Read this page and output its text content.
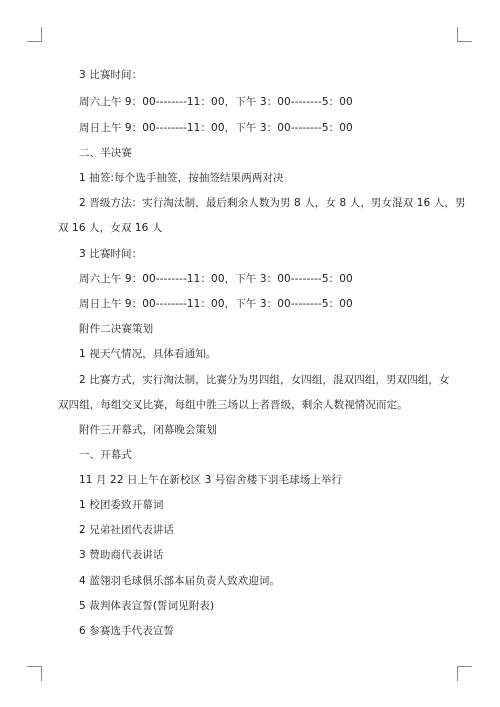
3 比赛时间：

周六上午 9：00--------11：00，下午 3：00--------5：00

周日上午 9：00--------11：00，下午 3：00--------5：00

二、半决赛

1 抽签:每个选手抽签，按抽签结果两两对决

2 晋级方法：实行淘汰制，最后剩余人数为男 8 人，女 8 人，男女混双 16 人，男

双 16 人，女双 16 人

3 比赛时间：

周六上午 9：00--------11：00，下午 3：00--------5：00

周日上午 9：00--------11：00，下午 3：00--------5：00

附件二决赛策划

1 视天气情况，具体看通知。

2 比赛方式，实行淘汰制，比赛分为男四组，女四组，混双四组，男双四组，女

双四组，每组交叉比赛，每组中胜三场以上者晋级，剩余人数视情况而定。

附件三开幕式，闭幕晚会策划

一、开幕式

11 月 22 日上午在新校区 3 号宿舍楼下羽毛球场上举行

1 校团委致开幕词

2 兄弟社团代表讲话

3 赞助商代表讲话

4 蓝翎羽毛球俱乐部本届负责人致欢迎词。

5 裁判体表宣誓(誓词见附表)

6 参赛选手代表宣誓
